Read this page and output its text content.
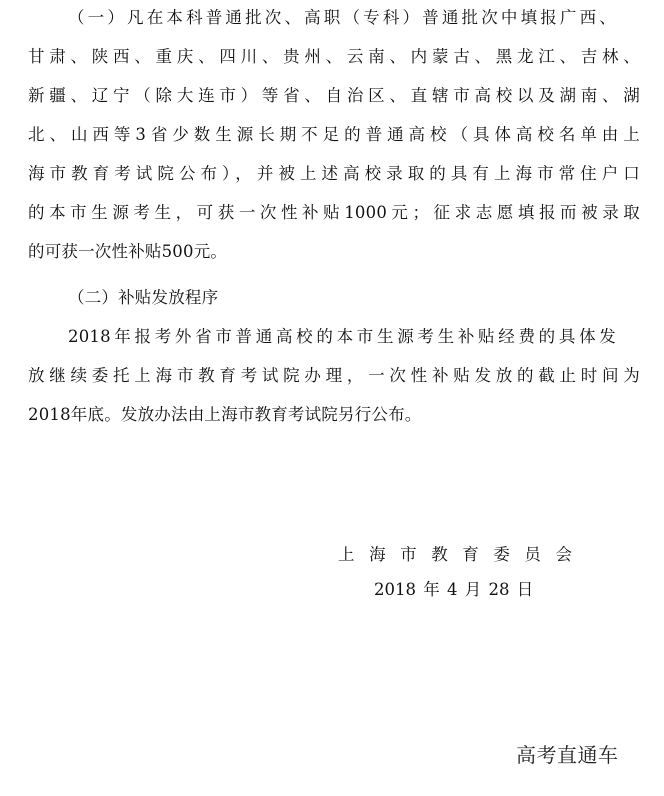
（一）凡在本科普通批次、高职（专科）普通批次中填报广西、
甘肃、陕西、重庆、四川、贵州、云南、内蒙古、黑龙江、吉林、
新疆、辽宁（除大连市）等省、自治区、直辖市高校以及湖南、湖
北、山西等3省少数生源长期不足的普通高校（具体高校名单由上
海市教育考试院公布），并被上述高校录取的具有上海市常住户口
的本市生源考生，可获一次性补贴1000元；征求志愿填报而被录取
的可获一次性补贴500元。
（二）补贴发放程序
2018年报考外省市普通高校的本市生源考生补贴经费的具体发
放继续委托上海市教育考试院办理，一次性补贴发放的截止时间为
2018年底。发放办法由上海市教育考试院另行公布。
上海市教育委员会
2018 年 4 月 28 日
高考直通车
